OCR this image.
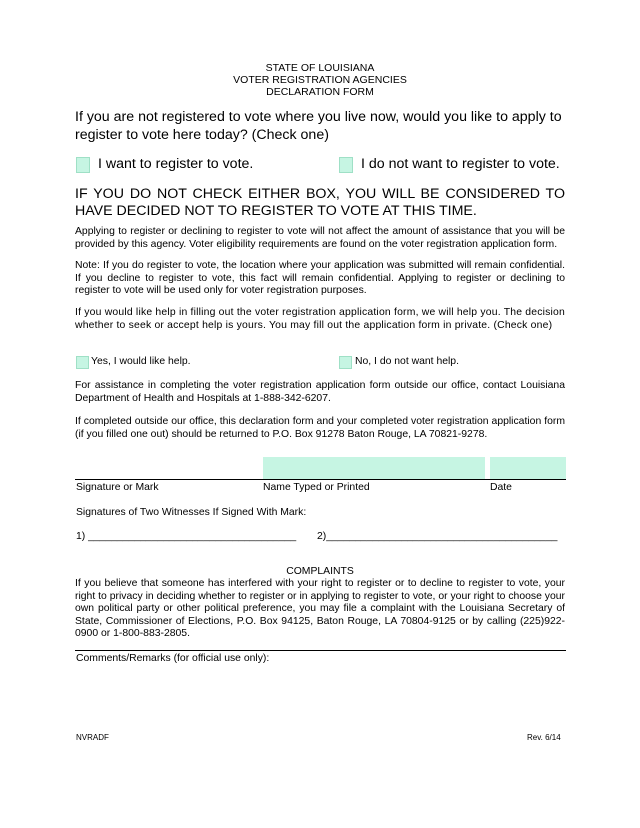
STATE OF LOUISIANA
VOTER REGISTRATION AGENCIES
DECLARATION FORM
If you are not registered to vote where you live now, would you like to apply to register to vote here today? (Check one)
I want to register to vote.	I do not want to register to vote.
IF YOU DO NOT CHECK EITHER BOX, YOU WILL BE CONSIDERED TO HAVE DECIDED NOT TO REGISTER TO VOTE AT THIS TIME.
Applying to register or declining to register to vote will not affect the amount of assistance that you will be provided by this agency. Voter eligibility requirements are found on the voter registration application form.
Note: If you do register to vote, the location where your application was submitted will remain confidential. If you decline to register to vote, this fact will remain confidential. Applying to register or declining to register to vote will be used only for voter registration purposes.
If you would like help in filling out the voter registration application form, we will help you. The decision whether to seek or accept help is yours. You may fill out the application form in private. (Check one)
Yes, I would like help.	No, I do not want help.
For assistance in completing the voter registration application form outside our office, contact Louisiana Department of Health and Hospitals at 1-888-342-6207.
If completed outside our office, this declaration form and your completed voter registration application form (if you filled one out) should be returned to P.O. Box 91278 Baton Rouge, LA 70821-9278.
Signature or Mark	Name Typed or Printed	Date
Signatures of Two Witnesses If Signed With Mark:
1) ____________________________________ 2)________________________________________
COMPLAINTS
If you believe that someone has interfered with your right to register or to decline to register to vote, your right to privacy in deciding whether to register or in applying to register to vote, or your right to choose your own political party or other political preference, you may file a complaint with the Louisiana Secretary of State, Commissioner of Elections, P.O. Box 94125, Baton Rouge, LA 70804-9125 or by calling (225)922-0900 or 1-800-883-2805.
Comments/Remarks (for official use only):
NVRADF	Rev. 6/14
